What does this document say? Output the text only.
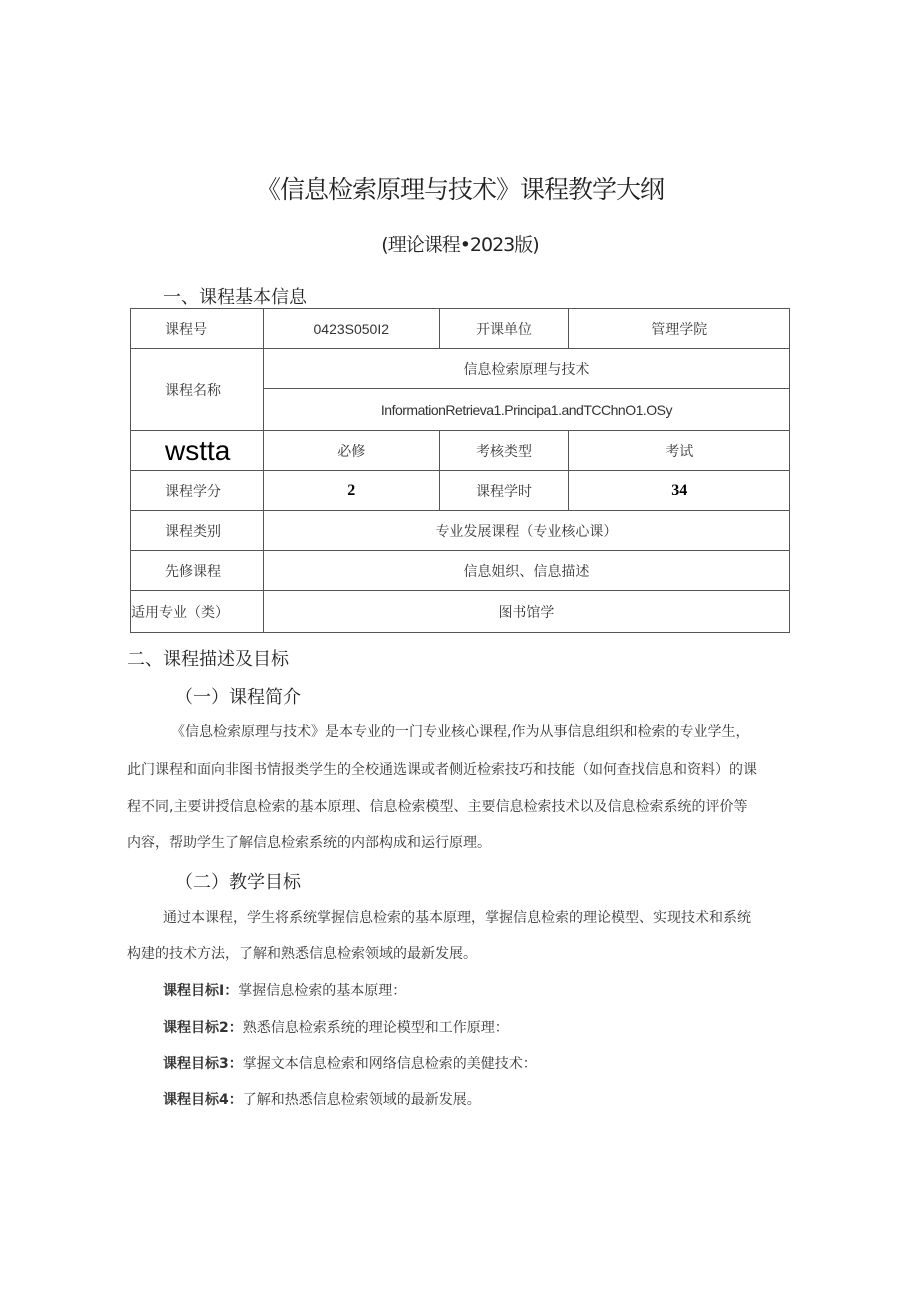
《信息检索原理与技术》课程教学大纲
(理论课程•2023版)
一、课程基本信息
课程号	0423S050I2	开课单位	管理学院
课程名称	信息检索原理与技术		
	InformationRetrieva1.Principa1.andTCChnO1.OSy		
wstta	必修	考核类型	考试
课程学分	2	课程学时	34
课程类别	专业发展课程（专业核心课）		
先修课程	信息姐织、信息描述		
适用专业（类）	图书馆学		
二、课程描述及目标
（一）课程简介
《信息检索原理与技术》是本专业的一门专业核心课程,作为从事信息组织和检索的专业学生，
此门课程和面向非图书情报类学生的全校通选课或者侧近检索技巧和技能（如何查找信息和资料）的课
程不同,主要讲授信息检索的基本原理、信息检索模型、主要信息检索技术以及信息检索系统的评价等
内容，帮助学生了解信息检索系统的内部构成和运行原理。
（二）教学目标
通过本课程，学生将系统掌握信息检索的基本原理，掌握信息检索的理论模型、实现技术和系统
构建的技术方法，了解和熟悉信息检索领域的最新发展。
课程目标I：掌握信息检索的基本原理：
课程目标2：熟悉信息检索系统的理论模型和工作原理：
课程目标3：掌握文本信息检索和网络信息检索的美健技术：
课程目标4：了解和热悉信息检索领域的最新发展。
